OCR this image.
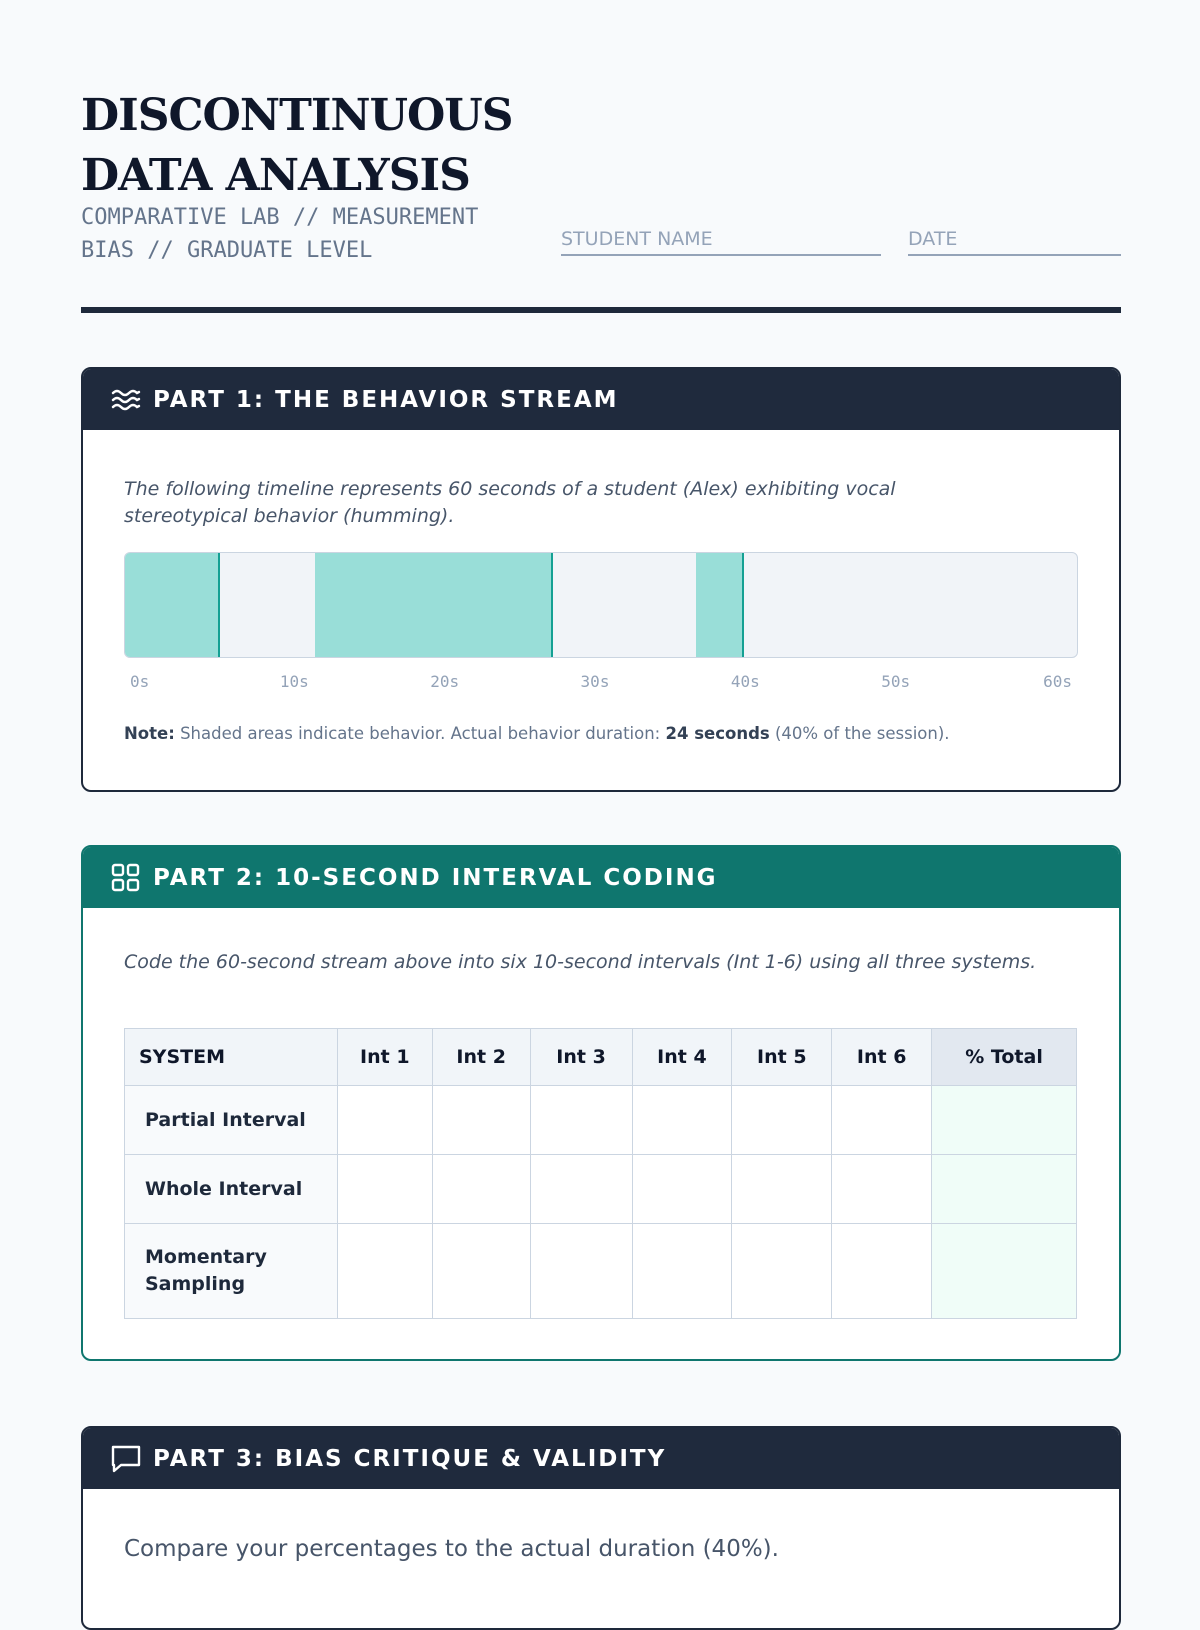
DISCONTINUOUS
DATA ANALYSIS

COMPARATIVE LAB // MEASUREMENT BIAS // GRADUATE LEVEL	STUDENT NAME	DATE
PART 1: THE BEHAVIOR STREAM

The following timeline represents 60 seconds of a student (Alex) exhibiting vocal stereotypical behavior (humming).

0s	10s	20s	30s	40s	50s	60s

Note: Shaded areas indicate behavior. Actual behavior duration: 24 seconds (40% of the session).

PART 2: 10-SECOND INTERVAL CODING

Code the 60-second stream above into six 10-second intervals (Int 1-6) using all three systems.

SYSTEM	Int 1	Int 2	Int 3	Int 4	Int 5	Int 6	% Total
Partial Interval							
Whole Interval							
Momentary Sampling							
PART 3: BIAS CRITIQUE & VALIDITY

Compare your percentages to the actual duration (40%).
